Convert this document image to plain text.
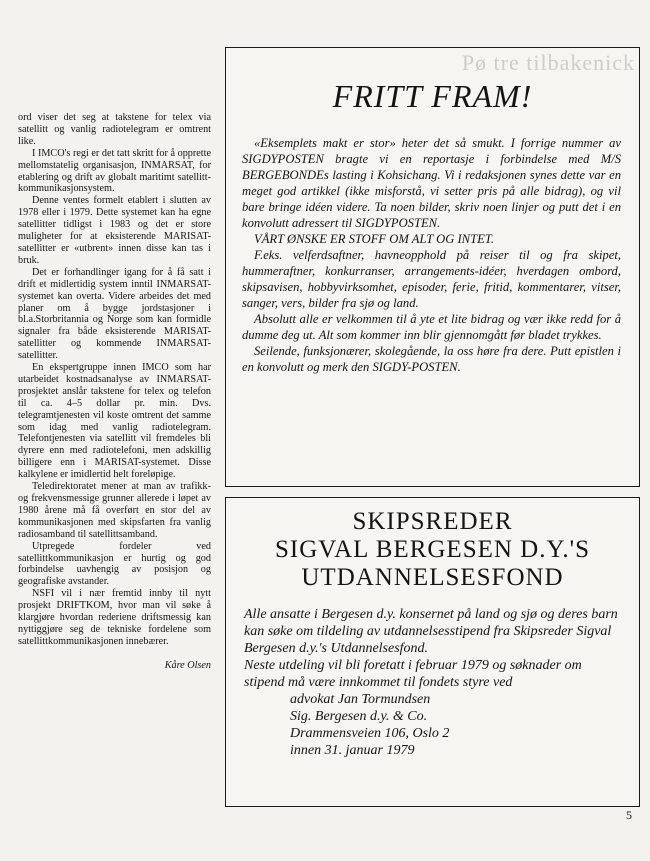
ord viser det seg at takstene for telex via satellitt og vanlig radiotelegram er omtrent like.

I IMCO's regi er det tatt skritt for å opprette mellomstatelig organisasjon, INMARSAT, for etablering og drift av globalt maritimt satellitt-kommunikasjonsystem.

Denne ventes formelt etablert i slutten av 1978 eller i 1979. Dette systemet kan ha egne satellitter tidligst i 1983 og det er store muligheter for at eksisterende MARISAT-satellitter er «utbrent» innen disse kan tas i bruk.

Det er forhandlinger igang for å få satt i drift et midlertidig system inntil INMARSAT-systemet kan overta. Videre arbeides det med planer om å bygge jordstasjoner i bl.a.Storbritannia og Norge som kan formidle signaler fra både eksisterende MARISAT-satellitter og kommende INMARSAT-satellitter.

En ekspertgruppe innen IMCO som har utarbeidet kostnadsanalyse av INMARSAT-prosjektet anslår takstene for telex og telefon til ca. 4–5 dollar pr. min. Dvs. telegramtjenesten vil koste omtrent det samme som idag med vanlig radiotelegram. Telefontjenesten via satellitt vil fremdeles bli dyrere enn med radiotelefoni, men adskillig billigere enn i MARISAT-systemet. Disse kalkylene er imidlertid helt foreløpige.

Teledirektoratet mener at man av trafikk- og frekvensmessige grunner allerede i løpet av 1980 årene må få overført en stor del av kommunikasjonen med skipsfarten fra vanlig radiosamband til satellittsamband.

Utpregede fordeler ved satellittkommunikasjon er hurtig og god forbindelse uavhengig av posisjon og geografiske avstander.

NSFI vil i nær fremtid innby til nytt prosjekt DRIFTKOM, hvor man vil søke å klargjøre hvordan rederiene driftsmessig kan nyttiggjøre seg de tekniske fordelene som satellittkommunikasjonen innebærer.

Kåre Olsen
Pø tre tilbakenick
FRITT FRAM!

«Eksemplets makt er stor» heter det så smukt. I forrige nummer av SIGDYPOSTEN bragte vi en reportasje i forbindelse med M/S BERGEBONDEs lasting i Kohsichang. Vi i redaksjonen synes dette var en meget god artikkel (ikke misforstå, vi setter pris på alle bidrag), og vil bare bringe idéen videre. Ta noen bilder, skriv noen linjer og putt det i en konvolutt adressert til SIGDYPOSTEN.

VÅRT ØNSKE ER STOFF OM ALT OG INTET.

F.eks. velferdsaftner, havneopphold på reiser til og fra skipet, hummeraftner, konkurranser, arrangements-idéer, hverdagen ombord, skipsavisen, hobbyvirksomhet, episoder, ferie, fritid, kommentarer, vitser, sanger, vers, bilder fra sjø og land.

Absolutt alle er velkommen til å yte et lite bidrag og vær ikke redd for å dumme deg ut. Alt som kommer inn blir gjennomgått før bladet trykkes.

Seilende, funksjonærer, skolegående, la oss høre fra dere. Putt epistlen i en konvolutt og merk den SIGDY-POSTEN.

SKIPSREDER
SIGVAL BERGESEN D.Y.'S
UTDANNELSESFOND

Alle ansatte i Bergesen d.y. konsernet på land og sjø og deres barn kan søke om tildeling av utdannelsesstipend fra Skipsreder Sigval Bergesen d.y.'s Utdannelsesfond.

Neste utdeling vil bli foretatt i februar 1979 og søknader om stipend må være innkommet til fondets styre ved

advokat Jan Tormundsen
Sig. Bergesen d.y. & Co.
Drammensveien 106, Oslo 2
innen 31. januar 1979
5
